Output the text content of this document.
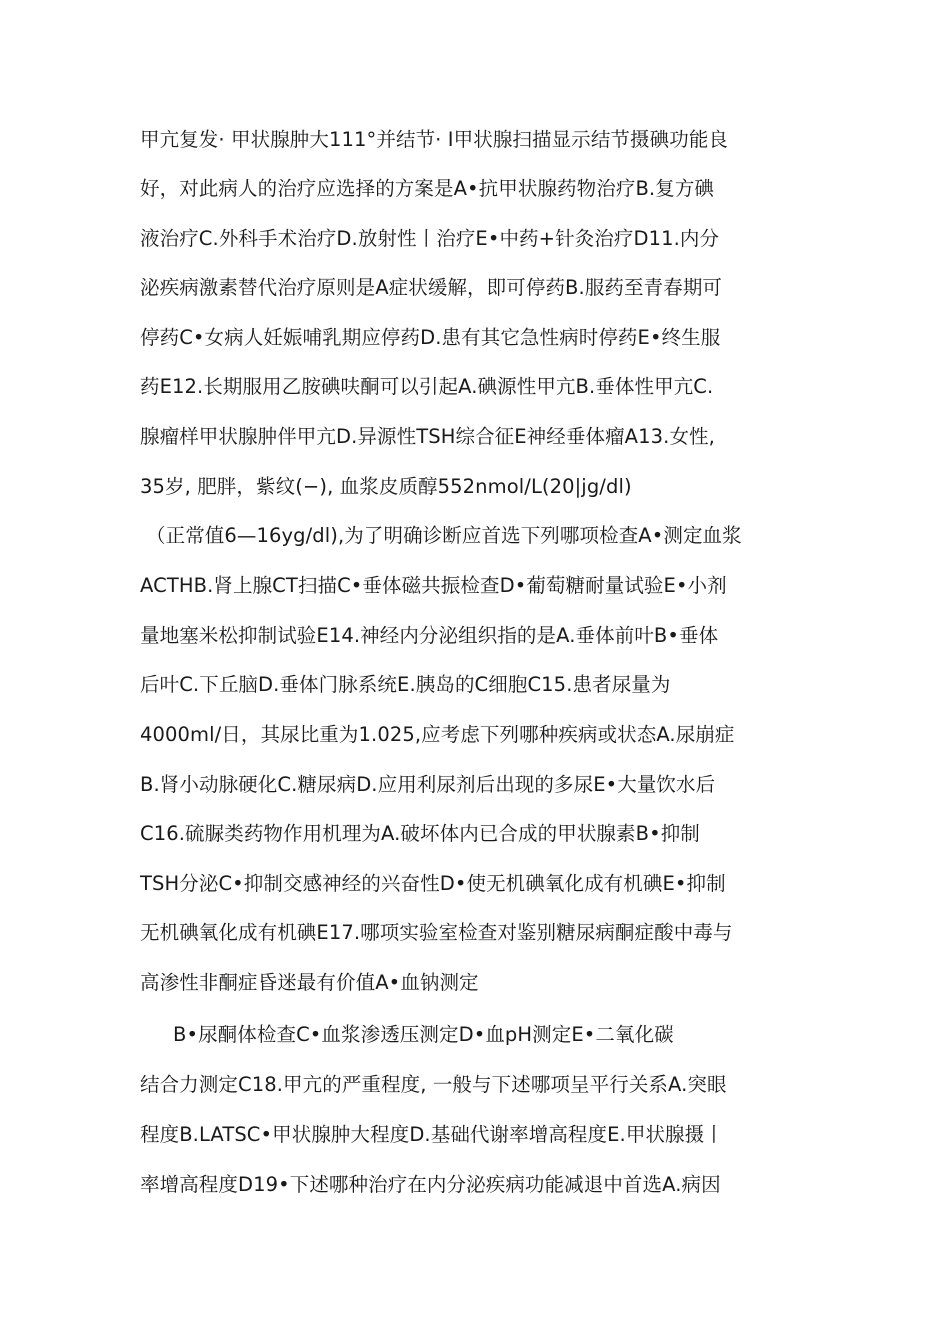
甲亢复发· 甲状腺肿大111°并结节· I甲状腺扫描显示结节摄碘功能良
好，对此病人的治疗应选择的方案是A•抗甲状腺药物治疗B.复方碘
液治疗C.外科手术治疗D.放射性丨治疗E•中药+针灸治疗D11.内分
泌疾病激素替代治疗原则是A症状缓解，即可停药B.服药至青春期可
停药C•女病人妊娠哺乳期应停药D.患有其它急性病时停药E•终生服
药E12.长期服用乙胺碘呋酮可以引起A.碘源性甲亢B.垂体性甲亢C.
腺瘤样甲状腺肿伴甲亢D.异源性TSH综合征E神经垂体瘤A13.女性,
35岁, 肥胖，紫纹(−), 血浆皮质醇552nmol/L(20|jg/dl)
（正常值6—16yg/dl),为了明确诊断应首选下列哪项检查A•测定血浆
ACTHB.肾上腺CT扫描C•垂体磁共振检查D•葡萄糖耐量试验E•小剂
量地塞米松抑制试验E14.神经内分泌组织指的是A.垂体前叶B•垂体
后叶C.下丘脑D.垂体门脉系统E.胰岛的C细胞C15.患者尿量为
4000ml/日，其尿比重为1.025,应考虑下列哪种疾病或状态A.尿崩症
B.肾小动脉硬化C.糖尿病D.应用利尿剂后出现的多尿E•大量饮水后
C16.硫脲类药物作用机理为A.破坏体内已合成的甲状腺素B•抑制
TSH分泌C•抑制交感神经的兴奋性D•使无机碘氧化成有机碘E•抑制
无机碘氧化成有机碘E17.哪项实验室检查对鉴别糖尿病酮症酸中毒与
高渗性非酮症昏迷最有价值A•血钠测定
B•尿酮体检查C•血浆渗透压测定D•血pH测定E•二氧化碳
结合力测定C18.甲亢的严重程度, 一般与下述哪项呈平行关系A.突眼
程度B.LATSC•甲状腺肿大程度D.基础代谢率增高程度E.甲状腺摄丨
率增高程度D19•下述哪种治疗在内分泌疾病功能减退中首选A.病因
